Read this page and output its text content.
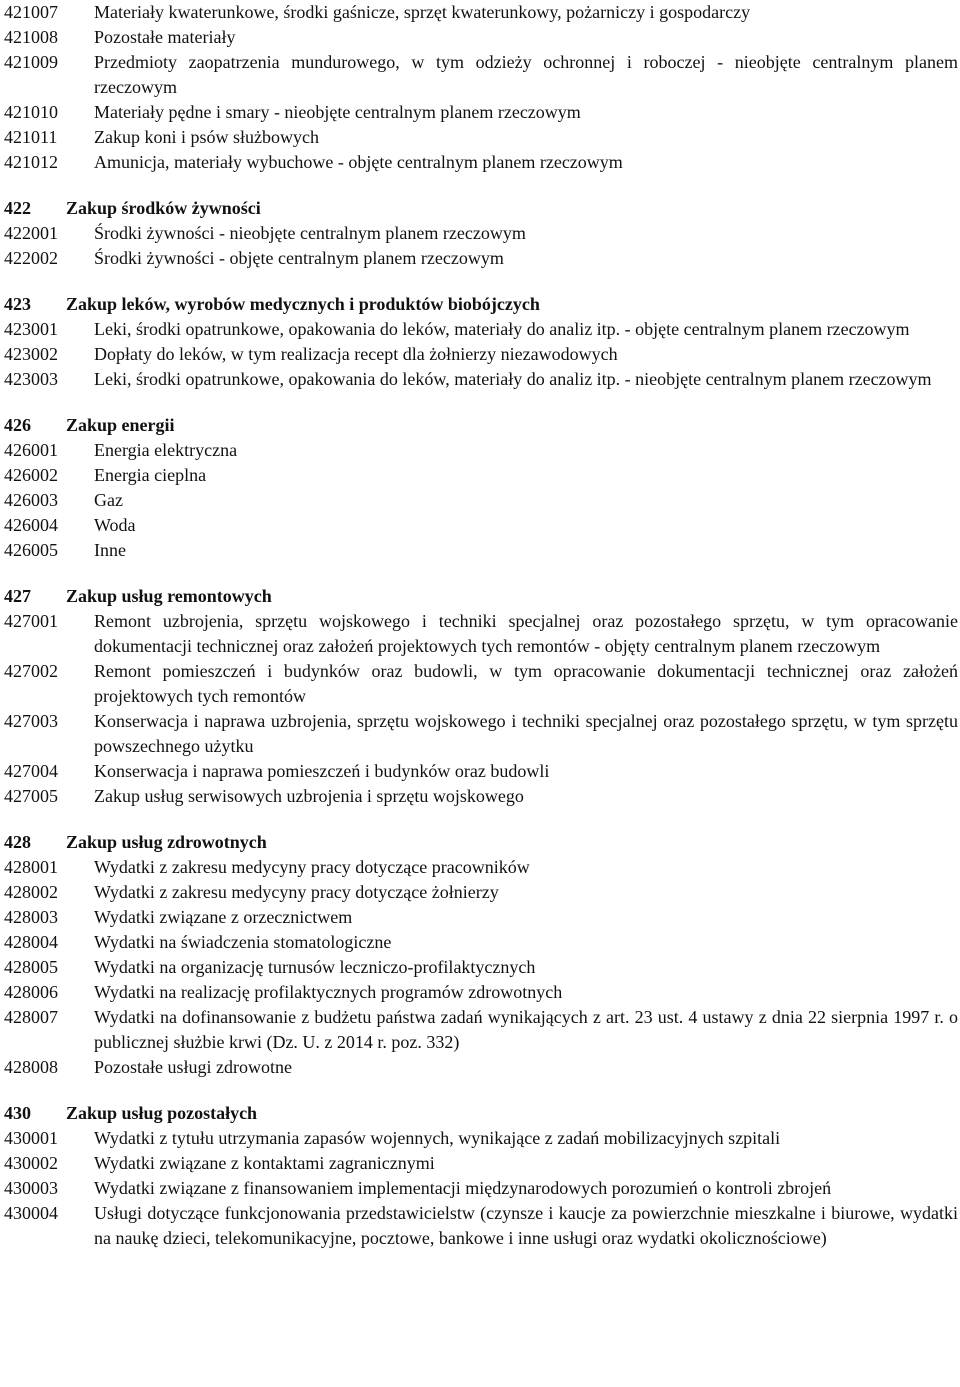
421007	Materiały kwaterunkowe, środki gaśnicze, sprzęt kwaterunkowy, pożarniczy i gospodarczy
421008	Pozostałe materiały
421009	Przedmioty zaopatrzenia mundurowego, w tym odzieży ochronnej i roboczej - nieobjęte centralnym planem rzeczowym
421010	Materiały pędne i smary - nieobjęte centralnym planem rzeczowym
421011	Zakup koni i psów służbowych
421012	Amunicja, materiały wybuchowe - objęte centralnym planem rzeczowym
422	Zakup środków żywności
422001	Środki żywności - nieobjęte centralnym planem rzeczowym
422002	Środki żywności - objęte centralnym planem rzeczowym
423	Zakup leków, wyrobów medycznych i produktów biobójczych
423001	Leki, środki opatrunkowe, opakowania do leków, materiały do analiz itp. - objęte centralnym planem rzeczowym
423002	Dopłaty do leków, w tym realizacja recept dla żołnierzy niezawodowych
423003	Leki, środki opatrunkowe, opakowania do leków, materiały do analiz itp. - nieobjęte centralnym planem rzeczowym
426	Zakup energii
426001	Energia elektryczna
426002	Energia cieplna
426003	Gaz
426004	Woda
426005	Inne
427	Zakup usług remontowych
427001	Remont uzbrojenia, sprzętu wojskowego i techniki specjalnej oraz pozostałego sprzętu, w tym opracowanie dokumentacji technicznej oraz założeń projektowych tych remontów - objęty centralnym planem rzeczowym
427002	Remont pomieszczeń i budynków oraz budowli, w tym opracowanie dokumentacji technicznej oraz założeń projektowych tych remontów
427003	Konserwacja i naprawa uzbrojenia, sprzętu wojskowego i techniki specjalnej oraz pozostałego sprzętu, w tym sprzętu powszechnego użytku
427004	Konserwacja i naprawa pomieszczeń i budynków oraz budowli
427005	Zakup usług serwisowych uzbrojenia i sprzętu wojskowego
428	Zakup usług zdrowotnych
428001	Wydatki z zakresu medycyny pracy dotyczące pracowników
428002	Wydatki z zakresu medycyny pracy dotyczące żołnierzy
428003	Wydatki związane z orzecznictwem
428004	Wydatki na świadczenia stomatologiczne
428005	Wydatki na organizację turnusów leczniczo-profilaktycznych
428006	Wydatki na realizację profilaktycznych programów zdrowotnych
428007	Wydatki na dofinansowanie z budżetu państwa zadań wynikających z art. 23 ust. 4 ustawy z dnia 22 sierpnia 1997 r. o publicznej służbie krwi (Dz. U. z 2014 r. poz. 332)
428008	Pozostałe usługi zdrowotne
430	Zakup usług pozostałych
430001	Wydatki z tytułu utrzymania zapasów wojennych, wynikające z zadań mobilizacyjnych szpitali
430002	Wydatki związane z kontaktami zagranicznymi
430003	Wydatki związane z finansowaniem implementacji międzynarodowych porozumień o kontroli zbrojeń
430004	Usługi dotyczące funkcjonowania przedstawicielstw (czynsze i kaucje za powierzchnie mieszkalne i biurowe, wydatki na naukę dzieci, telekomunikacyjne, pocztowe, bankowe i inne usługi oraz wydatki okolicznościowe)
